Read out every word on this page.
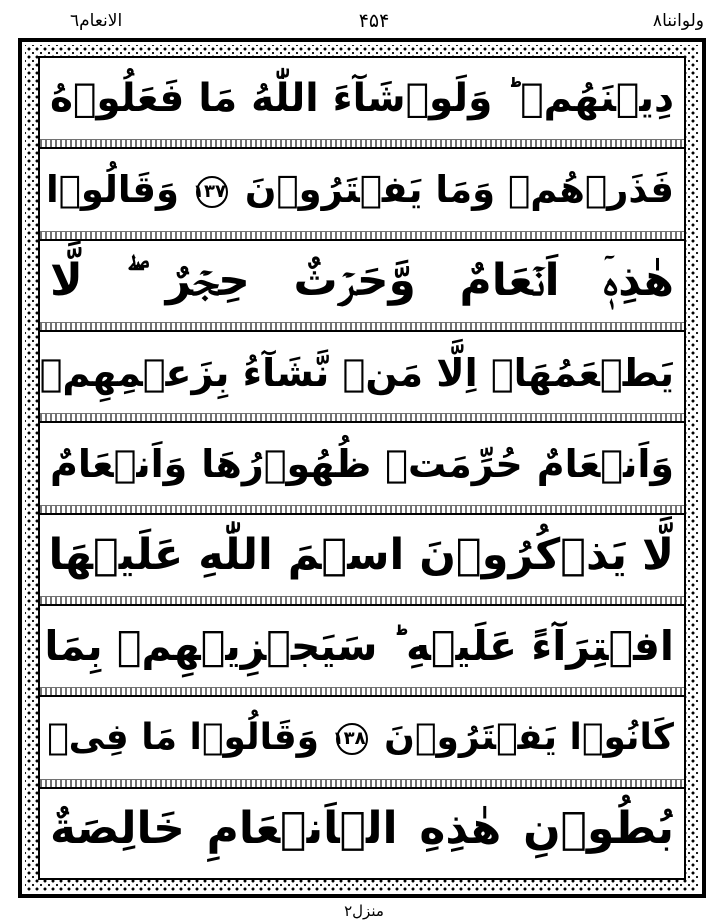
الانعام٦	۴۵۴	ولواننا٨
دِيۡنَهُمۡ ؕ وَلَوۡشَآءَ اللّٰهُ مَا فَعَلُوۡهُ
فَذَرۡهُمۡ وَمَا يَفۡتَرُوۡنَ ١٣٧ وَقَالُوۡا
هٰذِهٖۤ اَنۡعَامٌ وَّحَرۡثٌ حِجۡرٌ ۖ لَّا
يَطۡعَمُهَاۤ اِلَّا مَنۡ نَّشَآءُ بِزَعۡمِهِمۡ
وَاَنۡعَامٌ حُرِّمَتۡ ظُهُوۡرُهَا وَاَنۡعَامٌ
لَّا يَذۡكُرُوۡنَ اسۡمَ اللّٰهِ عَلَيۡهَا
افۡتِرَآءً عَلَيۡهِ ؕ سَيَجۡزِيۡهِمۡ بِمَا
كَانُوۡا يَفۡتَرُوۡنَ ١٣٨ وَقَالُوۡا مَا فِىۡ
بُطُوۡنِ هٰذِهِ الۡاَنۡعَامِ خَالِصَةٌ
منزل٢
